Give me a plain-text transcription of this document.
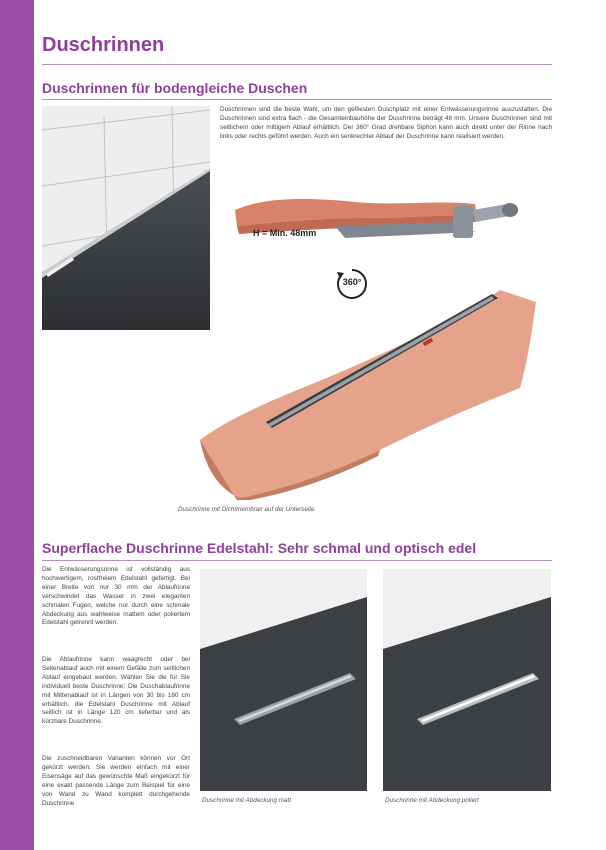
Duschrinnen
Duschrinnen für bodengleiche Duschen

Duschrinnen sind die beste Wahl, um den gefliesten Duschplatz mit einer Entwässerungsrinne auszustatten. Die Duschrinnen sind extra flach - die Gesamteinbauhöhe der Duschrinne beträgt 48 mm. Unsere Duschrinnen sind mit seitlichem oder mittigem Ablauf erhältlich. Der 360° Grad drehbare Siphon kann auch direkt unter der Rinne nach links oder rechts geführt werden. Auch ein senkrechter Ablauf der Duschrinne kann realisiert werden.

H = Min. 48mm
360°
Duschrinne mit Dichtmembran auf der Unterseite
Superflache Duschrinne Edelstahl: Sehr schmal und optisch edel

Die Entwässerungsrinne ist vollständig aus hochwertigem, rostfreiem Edelstahl gefertigt. Bei einer Breite von nur 30 mm der Ablaufrinne verschwindet das Wasser in zwei eleganten schmalen Fugen, welche nur durch eine schmale Abdeckung aus wahlweise mattem oder poliertem Edelstahl getrennt werden.

Die Ablaufrinne kann waagrecht oder bei Seitenablauf auch mit einem Gefälle zum seitlichen Ablauf eingebaut werden. Wählen Sie die für Sie individuell beste Duschrinne: Die Duschablaufrinne mit Mittenablauf ist in Längen von 30 bis 160 cm erhältlich, die Edelstahl Duschrinne mit Ablauf seitlich ist in Länge 120 cm lieferbar und als kürzbare Duschrinne.

Die zuschneidbaren Varianten können vor Ort gekürzt werden: Sie werden einfach mit einer Eisensäge auf das gewünschte Maß eingekürzt für eine exakt passende Länge zum Beispiel für eine von Wand zu Wand komplett durchgehende Duschrinne	Duschrinne mit Abdeckung matt	Duschrinne mit Abdeckung poliert
